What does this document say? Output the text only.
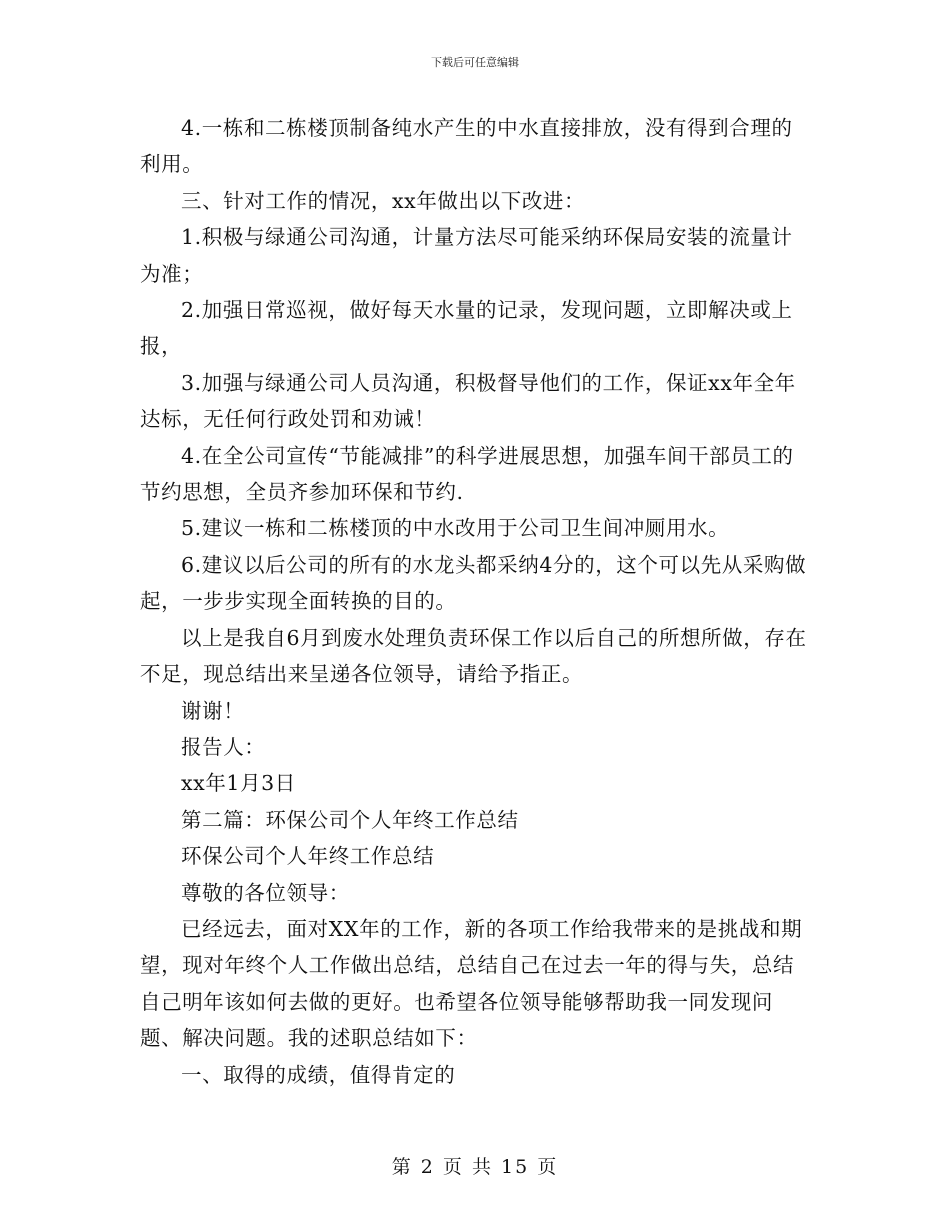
下载后可任意编辑

4.一栋和二栋楼顶制备纯水产生的中水直接排放，没有得到合理的利用。

三、针对工作的情况，xx年做出以下改进：

1.积极与绿通公司沟通，计量方法尽可能采纳环保局安装的流量计为准；

2.加强日常巡视，做好每天水量的记录，发现问题，立即解决或上报，

3.加强与绿通公司人员沟通，积极督导他们的工作，保证xx年全年达标，无任何行政处罚和劝诫！

4.在全公司宣传“节能减排”的科学进展思想，加强车间干部员工的节约思想，全员齐参加环保和节约.

5.建议一栋和二栋楼顶的中水改用于公司卫生间冲厕用水。

6.建议以后公司的所有的水龙头都采纳4分的，这个可以先从采购做起，一步步实现全面转换的目的。

以上是我自6月到废水处理负责环保工作以后自己的所想所做，存在不足，现总结出来呈递各位领导，请给予指正。

谢谢！

报告人：

xx年1月3日

第二篇：环保公司个人年终工作总结

环保公司个人年终工作总结

尊敬的各位领导：

已经远去，面对XX年的工作，新的各项工作给我带来的是挑战和期望，现对年终个人工作做出总结，总结自己在过去一年的得与失，总结自己明年该如何去做的更好。也希望各位领导能够帮助我一同发现问题、解决问题。我的述职总结如下：

一、取得的成绩，值得肯定的

第 2 页 共 15 页
